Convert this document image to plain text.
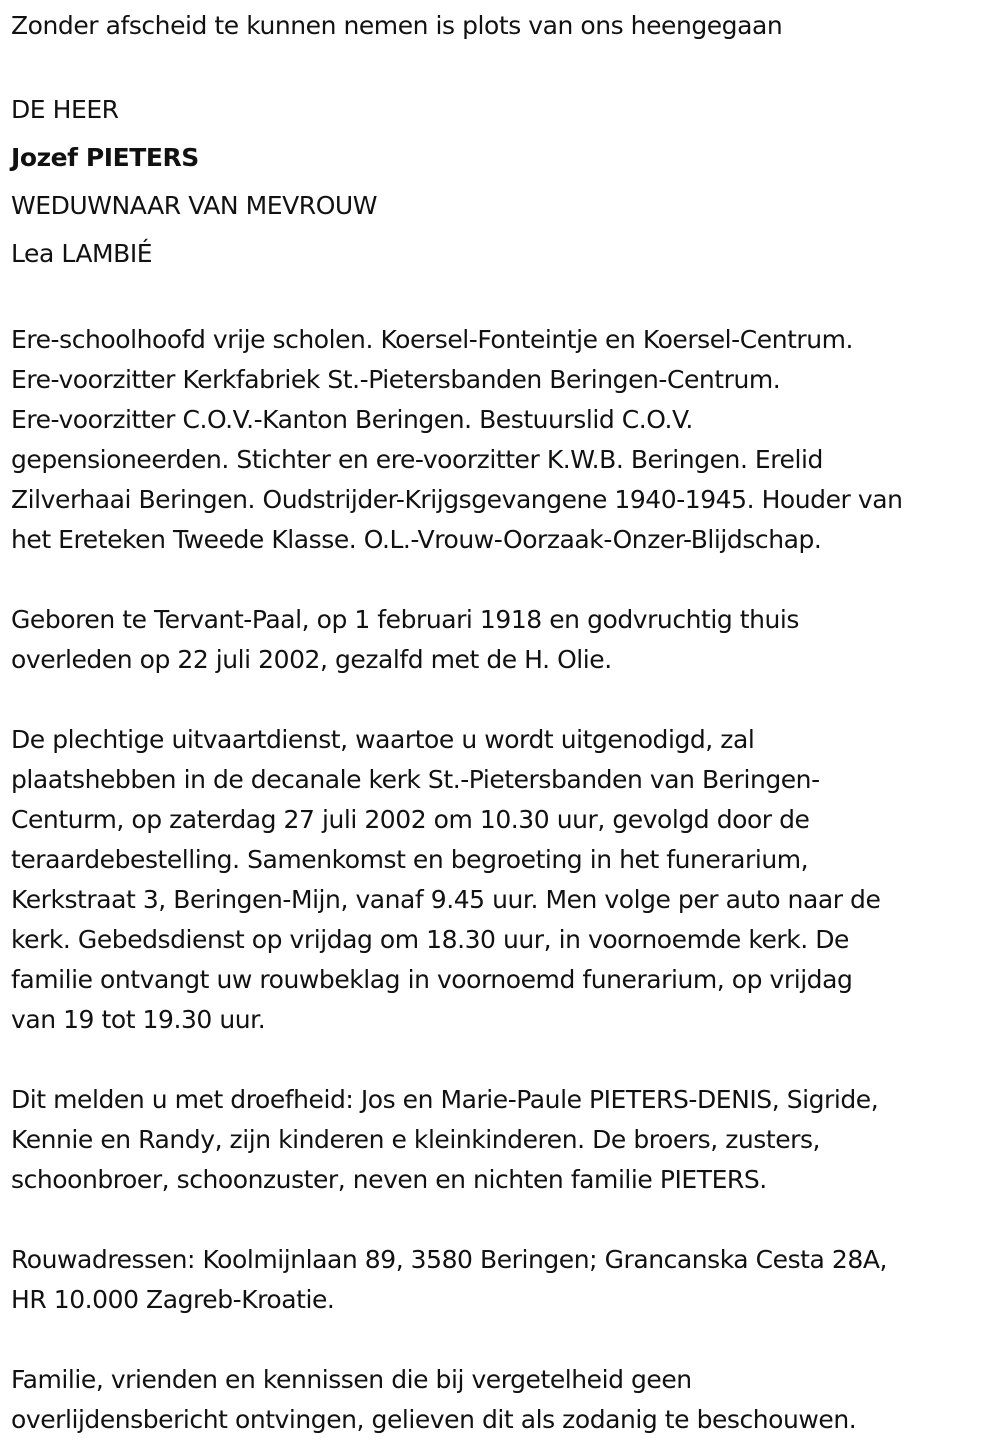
Zonder afscheid te kunnen nemen is plots van ons heengegaan
DE HEER
Jozef PIETERS
WEDUWNAAR VAN MEVROUW
Lea LAMBIÉ
Ere-schoolhoofd vrije scholen. Koersel-Fonteintje en Koersel-Centrum.
Ere-voorzitter Kerkfabriek St.-Pietersbanden Beringen-Centrum.
Ere-voorzitter C.O.V.-Kanton Beringen. Bestuurslid C.O.V.
gepensioneerden. Stichter en ere-voorzitter K.W.B. Beringen. Erelid
Zilverhaai Beringen. Oudstrijder-Krijgsgevangene 1940-1945. Houder van
het Ereteken Tweede Klasse. O.L.-Vrouw-Oorzaak-Onzer-Blijdschap.
Geboren te Tervant-Paal, op 1 februari 1918 en godvruchtig thuis
overleden op 22 juli 2002, gezalfd met de H. Olie.
De plechtige uitvaartdienst, waartoe u wordt uitgenodigd, zal
plaatshebben in de decanale kerk St.-Pietersbanden van Beringen-
Centurm, op zaterdag 27 juli 2002 om 10.30 uur, gevolgd door de
teraardebestelling. Samenkomst en begroeting in het funerarium,
Kerkstraat 3, Beringen-Mijn, vanaf 9.45 uur. Men volge per auto naar de
kerk. Gebedsdienst op vrijdag om 18.30 uur, in voornoemde kerk. De
familie ontvangt uw rouwbeklag in voornoemd funerarium, op vrijdag
van 19 tot 19.30 uur.
Dit melden u met droefheid: Jos en Marie-Paule PIETERS-DENIS, Sigride,
Kennie en Randy, zijn kinderen e kleinkinderen. De broers, zusters,
schoonbroer, schoonzuster, neven en nichten familie PIETERS.
Rouwadressen: Koolmijnlaan 89, 3580 Beringen; Grancanska Cesta 28A,
HR 10.000 Zagreb-Kroatie.
Familie, vrienden en kennissen die bij vergetelheid geen
overlijdensbericht ontvingen, gelieven dit als zodanig te beschouwen.
